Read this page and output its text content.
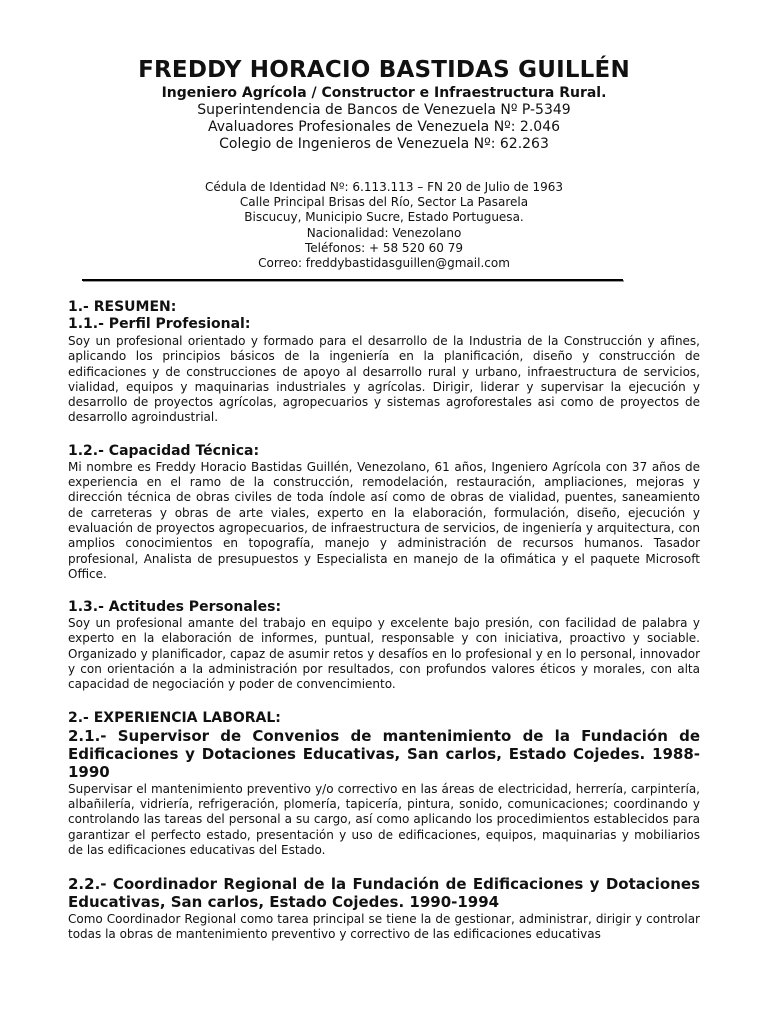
FREDDY HORACIO BASTIDAS GUILLÉN
Ingeniero Agrícola / Constructor e Infraestructura Rural.
Superintendencia de Bancos de Venezuela Nº P-5349
Avaluadores Profesionales de Venezuela Nº: 2.046
Colegio de Ingenieros de Venezuela Nº: 62.263
Cédula de Identidad Nº: 6.113.113 – FN 20 de Julio de 1963
Calle Principal Brisas del Río, Sector La Pasarela
Biscucuy, Municipio Sucre, Estado Portuguesa.
Nacionalidad: Venezolano
Teléfonos: + 58 520 60 79
Correo: freddybastidasguillen@gmail.com
1.- RESUMEN:
1.1.- Perfil Profesional:

Soy un profesional orientado y formado para el desarrollo de la Industria de la Construcción y afines, aplicando los principios básicos de la ingeniería en la planificación, diseño y construcción de edificaciones y de construcciones de apoyo al desarrollo rural y urbano, infraestructura de servicios, vialidad, equipos y maquinarias industriales y agrícolas. Dirigir, liderar y supervisar la ejecución y desarrollo de proyectos agrícolas, agropecuarios y sistemas agroforestales asi como de proyectos de desarrollo agroindustrial.

1.2.- Capacidad Técnica:

Mi nombre es Freddy Horacio Bastidas Guillén, Venezolano, 61 años, Ingeniero Agrícola con 37 años de experiencia en el ramo de la construcción, remodelación, restauración, ampliaciones, mejoras y dirección técnica de obras civiles de toda índole así como de obras de vialidad, puentes, saneamiento de carreteras y obras de arte viales, experto en la elaboración, formulación, diseño, ejecución y evaluación de proyectos agropecuarios, de infraestructura de servicios, de ingeniería y arquitectura, con amplios conocimientos en topografía, manejo y administración de recursos humanos. Tasador profesional, Analista de presupuestos y Especialista en manejo de la ofimática y el paquete Microsoft Office.

1.3.- Actitudes Personales:

Soy un profesional amante del trabajo en equipo y excelente bajo presión, con facilidad de palabra y experto en la elaboración de informes, puntual, responsable y con iniciativa, proactivo y sociable. Organizado y planificador, capaz de asumir retos y desafíos en lo profesional y en lo personal, innovador y con orientación a la administración por resultados, con profundos valores éticos y morales, con alta capacidad de negociación y poder de convencimiento.

2.- EXPERIENCIA LABORAL:
2.1.- Supervisor de Convenios de mantenimiento de la Fundación de Edificaciones y Dotaciones Educativas, San carlos, Estado Cojedes. 1988-1990

Supervisar el mantenimiento preventivo y/o correctivo en las áreas de electricidad, herrería, carpintería, albañilería, vidriería, refrigeración, plomería, tapicería, pintura, sonido, comunicaciones; coordinando y controlando las tareas del personal a su cargo, así como aplicando los procedimientos establecidos para garantizar el perfecto estado, presentación y uso de edificaciones, equipos, maquinarias y mobiliarios de las edificaciones educativas del Estado.

2.2.- Coordinador Regional de la Fundación de Edificaciones y Dotaciones Educativas, San carlos, Estado Cojedes. 1990-1994

Como Coordinador Regional como tarea principal se tiene la de gestionar, administrar, dirigir y controlar todas la obras de mantenimiento preventivo y correctivo de las edificaciones educativas
